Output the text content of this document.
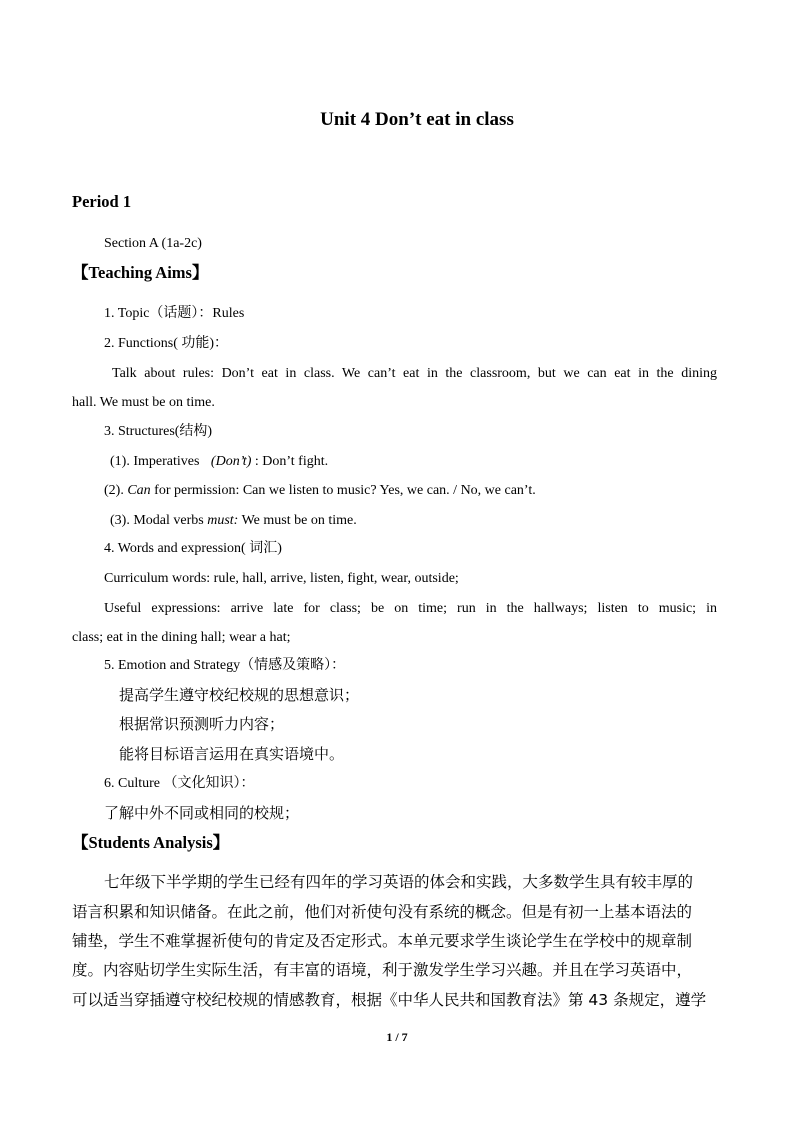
Unit 4 Don’t eat in class
Period 1
Section A (1a-2c)
【Teaching Aims】
1. Topic（话题）：Rules
2. Functions( 功能)：
Talk about rules: Don’t eat in class. We can’t eat in the classroom, but we can eat in the dining
hall. We must be on time.
3. Structures(结构)
(1). Imperatives (Don’t) : Don’t fight.
(2). Can for permission: Can we listen to music? Yes, we can. / No, we can’t.
(3). Modal verbs must: We must be on time.
4. Words and expression( 词汇)
Curriculum words: rule, hall, arrive, listen, fight, wear, outside;
Useful expressions: arrive late for class; be on time; run in the hallways; listen to music; in
class; eat in the dining hall; wear a hat;
5. Emotion and Strategy（情感及策略）：
提高学生遵守校纪校规的思想意识；
根据常识预测听力内容；
能将目标语言运用在真实语境中。
6. Culture （文化知识）：
了解中外不同或相同的校规；
【Students Analysis】
七年级下半学期的学生已经有四年的学习英语的体会和实践，大多数学生具有较丰厚的
语言积累和知识储备。在此之前，他们对祈使句没有系统的概念。但是有初一上基本语法的
铺垫，学生不难掌握祈使句的肯定及否定形式。本单元要求学生谈论学生在学校中的规章制
度。内容贴切学生实际生活，有丰富的语境，利于激发学生学习兴趣。并且在学习英语中，
可以适当穿插遵守校纪校规的情感教育，根据《中华人民共和国教育法》第 43 条规定，遵学
1 / 7
